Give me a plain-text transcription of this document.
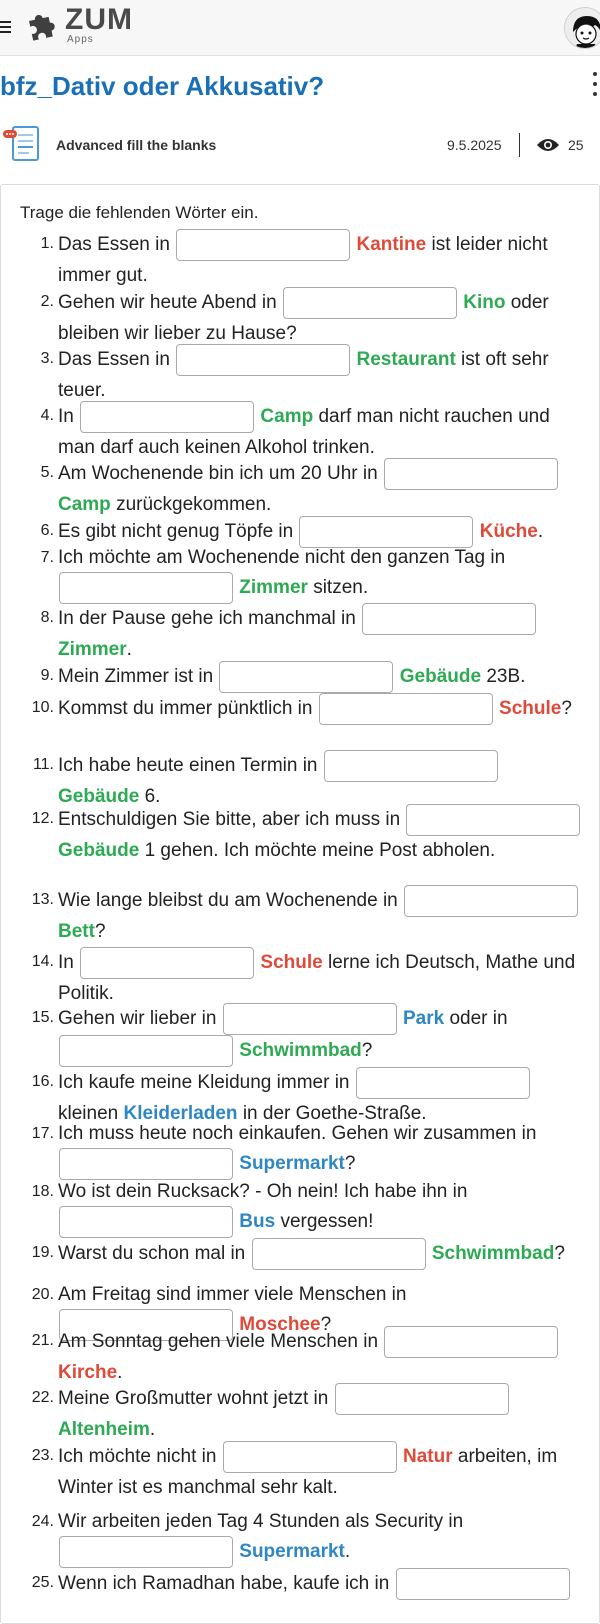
ZUM
Apps
bfz_Dativ oder Akkusativ?
Advanced fill the blanks	9.5.2025	25

Trage die fehlenden Wörter ein.

1. Das Essen in	Kantine ist leider nicht immer gut.
2. Gehen wir heute Abend in	Kino oder bleiben wir lieber zu Hause?
3. Das Essen in	Restaurant ist oft sehr teuer.
4. In	Camp darf man nicht rauchen und man darf auch keinen Alkohol trinken.
5. Am Wochenende bin ich um 20 Uhr in  Camp zurückgekommen.
6. Es gibt nicht genug Töpfe in	Küche.
7. Ich möchte am Wochenende nicht den ganzen Tag in  Zimmer sitzen.
8. In der Pause gehe ich manchmal in  Zimmer.
9. Mein Zimmer ist in	Gebäude 23B.
10. Kommst du immer pünktlich in	Schule?
11. Ich habe heute einen Termin in  Gebäude 6.
12. Entschuldigen Sie bitte, aber ich muss in  Gebäude 1 gehen. Ich möchte meine Post abholen.
13. Wie lange bleibst du am Wochenende in  Bett?
14. In	Schule lerne ich Deutsch, Mathe und Politik.
15. Gehen wir lieber in	Park oder in  Schwimmbad?
16. Ich kaufe meine Kleidung immer in  kleinen Kleiderladen in der Goethe-Straße.
17. Ich muss heute noch einkaufen. Gehen wir zusammen in  Supermarkt?
18. Wo ist dein Rucksack? - Oh nein! Ich habe ihn in  Bus vergessen!
19. Warst du schon mal in	Schwimmbad?
20. Am Freitag sind immer viele Menschen in  Moschee?
21. Am Sonntag gehen viele Menschen in  Kirche.
22. Meine Großmutter wohnt jetzt in  Altenheim.
23. Ich möchte nicht in	Natur arbeiten, im Winter ist es manchmal sehr kalt.
24. Wir arbeiten jeden Tag 4 Stunden als Security in  Supermarkt.
25. Wenn ich Ramadhan habe, kaufe ich in
